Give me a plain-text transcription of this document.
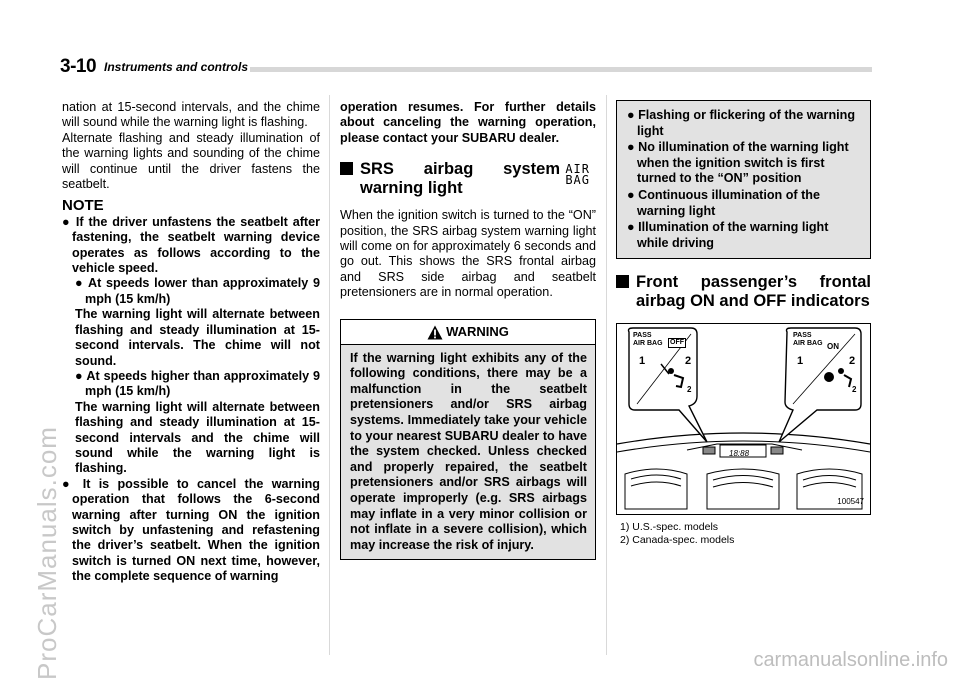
3-10 Instruments and controls

nation at 15-second intervals, and the chime will sound while the warning light is flashing.

Alternate flashing and steady illumination of the warning lights and sounding of the chime will continue until the driver fastens the seatbelt.

NOTE

● If the driver unfastens the seatbelt after fastening, the seatbelt warning device operates as follows according to the vehicle speed.

● At speeds lower than approximately 9 mph (15 km/h)

The warning light will alternate between flashing and steady illumination at 15-second intervals. The chime will not sound.

● At speeds higher than approximately 9 mph (15 km/h)

The warning light will alternate between flashing and steady illumination at 15-second intervals and the chime will sound while the warning light is flashing.

● It is possible to cancel the warning operation that follows the 6-second warning after turning ON the ignition switch by unfastening and refastening the driver’s seatbelt. When the ignition switch is turned ON next time, however, the complete sequence of warning

operation resumes. For further details about canceling the warning operation, please contact your SUBARU dealer.

SRS airbag system warning light
AIR
BAG

When the ignition switch is turned to the “ON” position, the SRS airbag system warning light will come on for approximately 6 seconds and go out. This shows the SRS frontal airbag and SRS side airbag and seatbelt pretensioners are in normal operation.

WARNING
If the warning light exhibits any of the following conditions, there may be a malfunction in the seatbelt pretensioners and/or SRS airbag systems. Immediately take your vehicle to your nearest SUBARU dealer to have the system checked. Unless checked and properly repaired, the seatbelt pretensioners and/or SRS airbags will operate improperly (e.g. SRS airbags may inflate in a very minor collision or not inflate in a severe collision), which may increase the risk of injury.

● Flashing or flickering of the warning light

● No illumination of the warning light when the ignition switch is first turned to the “ON” position

● Continuous illumination of the warning light

● Illumination of the warning light while driving

Front passenger’s frontal airbag ON and OFF indicators
PASS
AIR BAG OFF
1	2
2
PASS
AIR BAG ON
1	2
2
18:88
100547
1) U.S.-spec. models
2) Canada-spec. models
ProCarManuals.com	carmanualsonline.info
